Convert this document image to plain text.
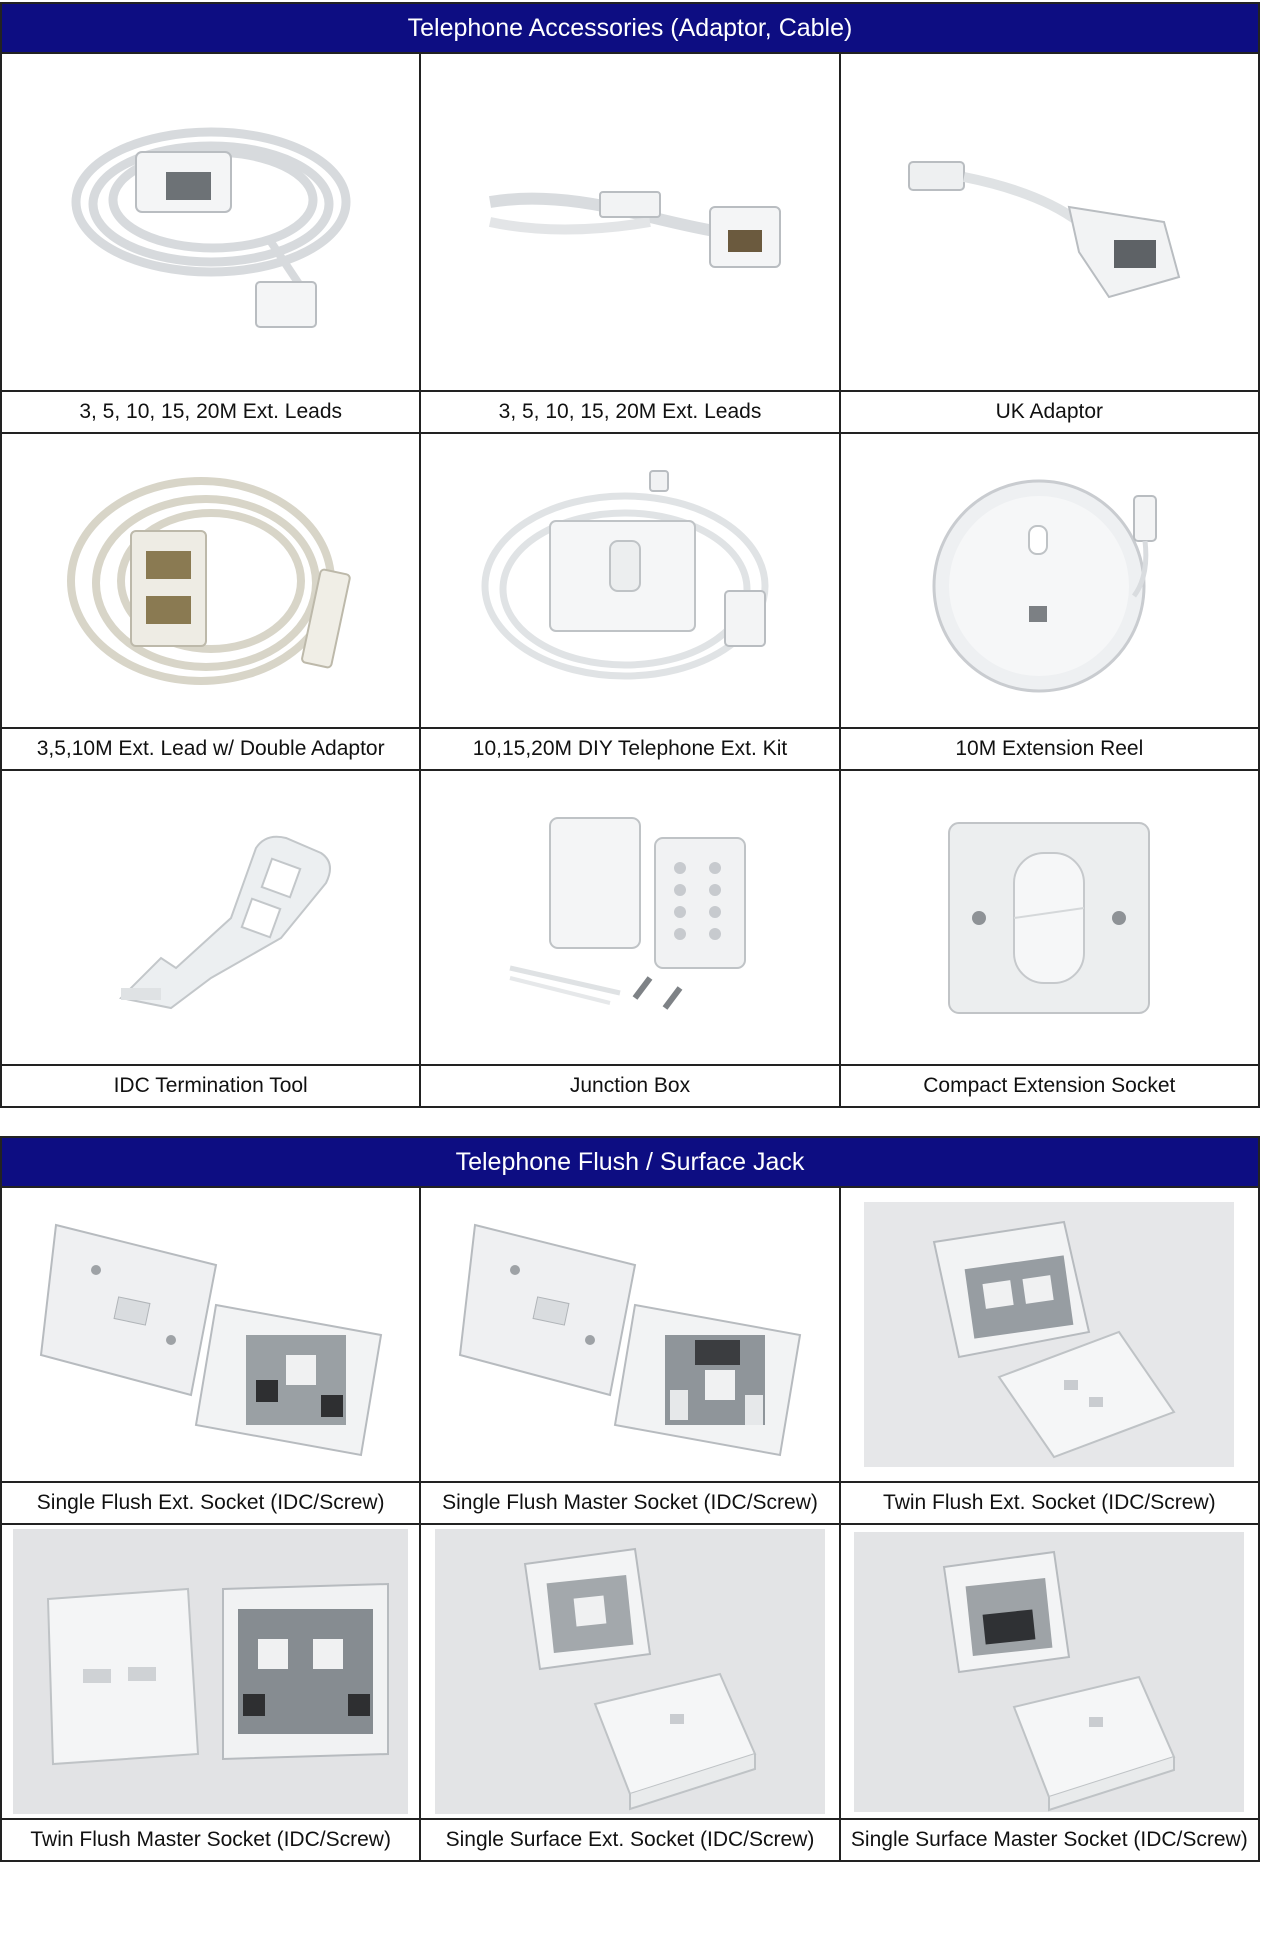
Telephone Accessories (Adaptor, Cable)
3, 5, 10, 15, 20M Ext. Leads	3, 5, 10, 15, 20M Ext. Leads	UK Adaptor
3,5,10M Ext. Lead w/ Double Adaptor	10,15,20M DIY Telephone Ext. Kit	10M Extension Reel
IDC Termination Tool	Junction Box	Compact Extension Socket
Telephone Flush / Surface Jack
Single Flush Ext. Socket (IDC/Screw)	Single Flush Master Socket (IDC/Screw)	Twin Flush Ext. Socket (IDC/Screw)
Twin Flush Master Socket (IDC/Screw)	Single Surface Ext. Socket (IDC/Screw)	Single Surface Master Socket (IDC/Screw)
